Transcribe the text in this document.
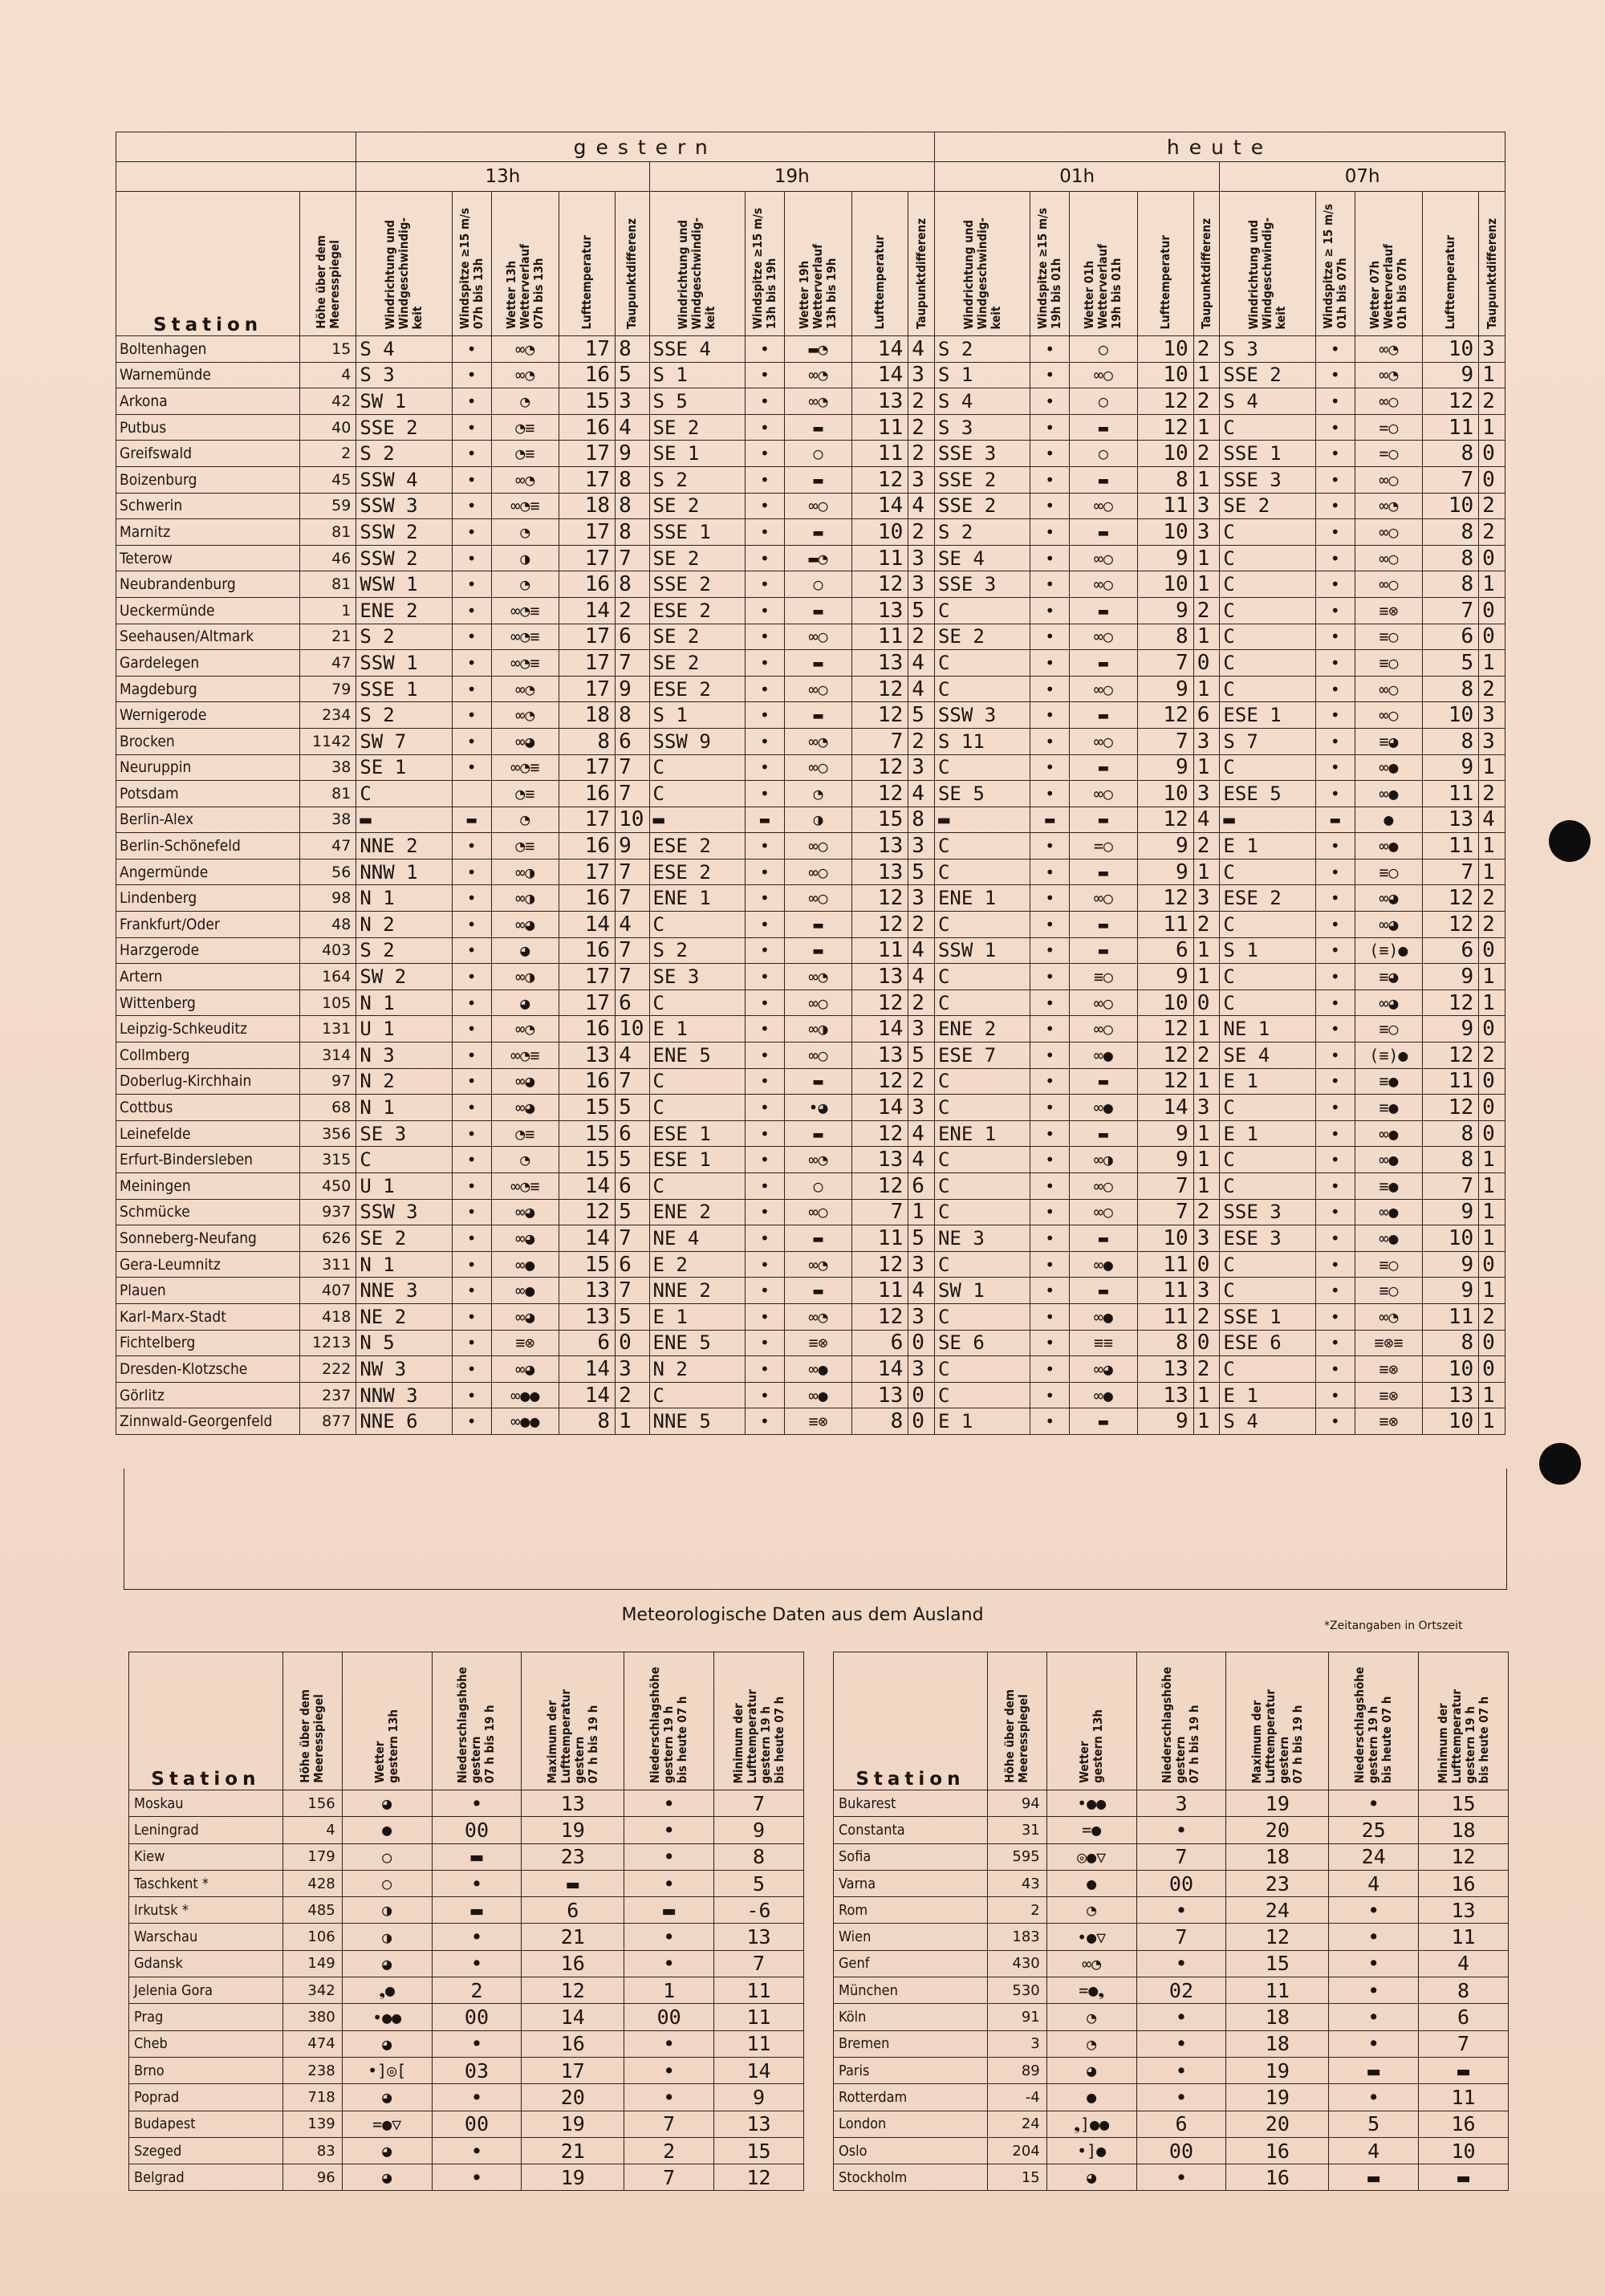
		gestern										heute									
		13h					19h					01h					07h				
Station	Höhe über dem
Meeresspiegel	Windrichtung und
Windgeschwindig-
keit	Windspitze ≥15 m/s
07h bis 13h	Wetter 13h
Wetterverlauf
07h bis 13h	Lufttemperatur	Taupunktdifferenz	Windrichtung und
Windgeschwindig-
keit	Windspitze ≥15 m/s
13h bis 19h	Wetter 19h
Wetterverlauf
13h bis 19h	Lufttemperatur	Taupunktdifferenz	Windrichtung und
Windgeschwindig-
keit	Windspitze ≥15 m/s
19h bis 01h	Wetter 01h
Wetterverlauf
19h bis 01h	Lufttemperatur	Taupunktdifferenz	Windrichtung und
Windgeschwindig-
keit	Windspitze ≥ 15 m/s
01h bis 07h	Wetter 07h
Wetterverlauf
01h bis 07h	Lufttemperatur	Taupunktdifferenz
Boltenhagen	15	S 4	•	∞◔	17	8	SSE 4	•	▬◔	14	4	S 2	•	○	10	2	S 3	•	∞◔	10	3
Warnemünde	4	S 3	•	∞◔	16	5	S 1	•	∞◔	14	3	S 1	•	∞○	10	1	SSE 2	•	∞◔	9	1
Arkona	42	SW 1	•	◔	15	3	S 5	•	∞◔	13	2	S 4	•	○	12	2	S 4	•	∞○	12	2
Putbus	40	SSE 2	•	◔≡	16	4	SE 2	•	▬	11	2	S 3	•	▬	12	1	C	•	=○	11	1
Greifswald	2	S 2	•	◔≡	17	9	SE 1	•	○	11	2	SSE 3	•	○	10	2	SSE 1	•	=○	8	0
Boizenburg	45	SSW 4	•	∞◔	17	8	S 2	•	▬	12	3	SSE 2	•	▬	8	1	SSE 3	•	∞○	7	0
Schwerin	59	SSW 3	•	∞◔≡	18	8	SE 2	•	∞○	14	4	SSE 2	•	∞○	11	3	SE 2	•	∞◔	10	2
Marnitz	81	SSW 2	•	◔	17	8	SSE 1	•	▬	10	2	S 2	•	▬	10	3	C	•	∞○	8	2
Teterow	46	SSW 2	•	◑	17	7	SE 2	•	▬◔	11	3	SE 4	•	∞○	9	1	C	•	∞○	8	0
Neubrandenburg	81	WSW 1	•	◔	16	8	SSE 2	•	○	12	3	SSE 3	•	∞○	10	1	C	•	∞○	8	1
Ueckermünde	1	ENE 2	•	∞◔≡	14	2	ESE 2	•	▬	13	5	C	•	▬	9	2	C	•	≡⊗	7	0
Seehausen/Altmark	21	S 2	•	∞◔≡	17	6	SE 2	•	∞○	11	2	SE 2	•	∞○	8	1	C	•	≡○	6	0
Gardelegen	47	SSW 1	•	∞◔≡	17	7	SE 2	•	▬	13	4	C	•	▬	7	0	C	•	≡○	5	1
Magdeburg	79	SSE 1	•	∞◔	17	9	ESE 2	•	∞○	12	4	C	•	∞○	9	1	C	•	∞○	8	2
Wernigerode	234	S 2	•	∞◔	18	8	S 1	•	▬	12	5	SSW 3	•	▬	12	6	ESE 1	•	∞○	10	3
Brocken	1142	SW 7	•	∞◕	8	6	SSW 9	•	∞◔	7	2	S 11	•	∞○	7	3	S 7	•	≡◕	8	3
Neuruppin	38	SE 1	•	∞◔≡	17	7	C	•	∞○	12	3	C	•	▬	9	1	C	•	∞●	9	1
Potsdam	81	C		◔≡	16	7	C	•	◔	12	4	SE 5	•	∞○	10	3	ESE 5	•	∞●	11	2
Berlin-Alex	38	▬	▬	◔	17	10	▬	▬	◑	15	8	▬	▬	▬	12	4	▬	▬	●	13	4
Berlin-Schönefeld	47	NNE 2	•	◔≡	16	9	ESE 2	•	∞○	13	3	C	•	=○	9	2	E 1	•	∞●	11	1
Angermünde	56	NNW 1	•	∞◑	17	7	ESE 2	•	∞○	13	5	C	•	▬	9	1	C	•	≡○	7	1
Lindenberg	98	N 1	•	∞◑	16	7	ENE 1	•	∞○	12	3	ENE 1	•	∞○	12	3	ESE 2	•	∞◕	12	2
Frankfurt/Oder	48	N 2	•	∞◕	14	4	C	•	▬	12	2	C	•	▬	11	2	C	•	∞◕	12	2
Harzgerode	403	S 2	•	◕	16	7	S 2	•	▬	11	4	SSW 1	•	▬	6	1	S 1	•	(≡)●	6	0
Artern	164	SW 2	•	∞◑	17	7	SE 3	•	∞◔	13	4	C	•	≡○	9	1	C	•	≡◕	9	1
Wittenberg	105	N 1	•	◕	17	6	C	•	∞○	12	2	C	•	∞○	10	0	C	•	∞◕	12	1
Leipzig-Schkeuditz	131	U 1	•	∞◔	16	10	E 1	•	∞◑	14	3	ENE 2	•	∞○	12	1	NE 1	•	≡○	9	0
Collmberg	314	N 3	•	∞◔≡	13	4	ENE 5	•	∞○	13	5	ESE 7	•	∞●	12	2	SE 4	•	(≡)●	12	2
Doberlug-Kirchhain	97	N 2	•	∞◕	16	7	C	•	▬	12	2	C	•	▬	12	1	E 1	•	≡●	11	0
Cottbus	68	N 1	•	∞◕	15	5	C	•	•◕	14	3	C	•	∞●	14	3	C	•	≡●	12	0
Leinefelde	356	SE 3	•	◔≡	15	6	ESE 1	•	▬	12	4	ENE 1	•	▬	9	1	E 1	•	∞●	8	0
Erfurt-Bindersleben	315	C	•	◔	15	5	ESE 1	•	∞◔	13	4	C	•	∞◑	9	1	C	•	∞●	8	1
Meiningen	450	U 1	•	∞◔≡	14	6	C	•	○	12	6	C	•	∞○	7	1	C	•	≡●	7	1
Schmücke	937	SSW 3	•	∞◕	12	5	ENE 2	•	∞○	7	1	C	•	∞○	7	2	SSE 3	•	∞●	9	1
Sonneberg-Neufang	626	SE 2	•	∞◕	14	7	NE 4	•	▬	11	5	NE 3	•	▬	10	3	ESE 3	•	∞●	10	1
Gera-Leumnitz	311	N 1	•	∞●	15	6	E 2	•	∞◔	12	3	C	•	∞●	11	0	C	•	≡○	9	0
Plauen	407	NNE 3	•	∞●	13	7	NNE 2	•	▬	11	4	SW 1	•	▬	11	3	C	•	≡○	9	1
Karl-Marx-Stadt	418	NE 2	•	∞◕	13	5	E 1	•	∞◔	12	3	C	•	∞●	11	2	SSE 1	•	∞◔	11	2
Fichtelberg	1213	N 5	•	≡⊗	6	0	ENE 5	•	≡⊗	6	0	SE 6	•	≡≡	8	0	ESE 6	•	≡⊗≡	8	0
Dresden-Klotzsche	222	NW 3	•	∞◕	14	3	N 2	•	∞●	14	3	C	•	∞◕	13	2	C	•	≡⊗	10	0
Görlitz	237	NNW 3	•	∞●●	14	2	C	•	∞●	13	0	C	•	∞●	13	1	E 1	•	≡⊗	13	1
Zinnwald-Georgenfeld	877	NNE 6	•	∞●●	8	1	NNE 5	•	≡⊗	8	0	E 1	•	▬	9	1	S 4	•	≡⊗	10	1
Meteorologische Daten aus dem Ausland
*Zeitangaben in Ortszeit
Station	Höhe über dem
Meeresspiegel	Wetter
gestern 13h	Niederschlagshöhe
gestern
07 h bis 19 h	Maximum der
Lufttemperatur
gestern
07 h bis 19 h	Niederschlagshöhe
gestern 19 h
bis heute 07 h	Minimum der
Lufttemperatur
gestern 19 h
bis heute 07 h
Moskau	156	◕	•	13	•	7
Leningrad	4	●	00	19	•	9
Kiew	179	○	▬	23	•	8
Taschkent *	428	○	•	▬	•	5
Irkutsk *	485	◑	▬	6	▬	-6
Warschau	106	◑	•	21	•	13
Gdansk	149	◕	•	16	•	7
Jelenia Gora	342	❟●	2	12	1	11
Prag	380	•●●	00	14	00	11
Cheb	474	◕	•	16	•	11
Brno	238	•]◎[	03	17	•	14
Poprad	718	◕	•	20	•	9
Budapest	139	=●▽	00	19	7	13
Szeged	83	◕	•	21	2	15
Belgrad	96	◕	•	19	7	12
Station	Höhe über dem
Meeresspiegel	Wetter
gestern 13h	Niederschlagshöhe
gestern
07 h bis 19 h	Maximum der
Lufttemperatur
gestern
07 h bis 19 h	Niederschlagshöhe
gestern 19 h
bis heute 07 h	Minimum der
Lufttemperatur
gestern 19 h
bis heute 07 h
Bukarest	94	•●●	3	19	•	15
Constanta	31	=●	•	20	25	18
Sofia	595	◎●▽	7	18	24	12
Varna	43	●	00	23	4	16
Rom	2	◔	•	24	•	13
Wien	183	•●▽	7	12	•	11
Genf	430	∞◔	•	15	•	4
München	530	=●❟	02	11	•	8
Köln	91	◔	•	18	•	6
Bremen	3	◔	•	18	•	7
Paris	89	◕	•	19	▬	▬
Rotterdam	-4	●	•	19	•	11
London	24	❟]●●	6	20	5	16
Oslo	204	•]●	00	16	4	10
Stockholm	15	◕	•	16	▬	▬
